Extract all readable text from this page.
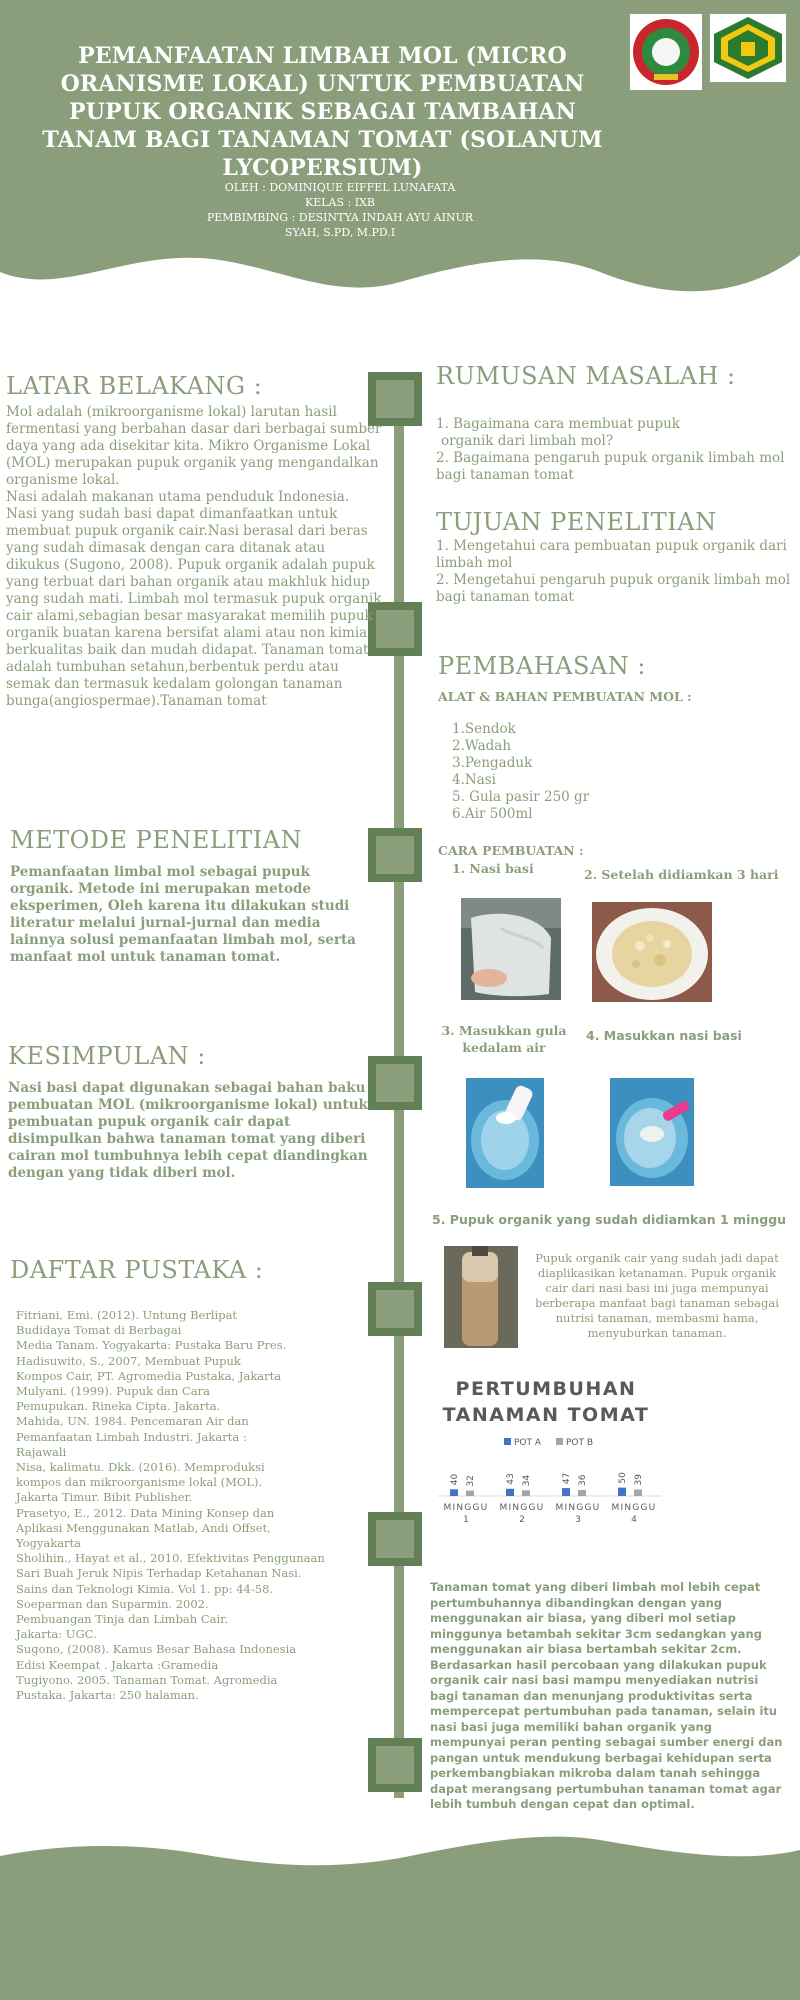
PEMANFAATAN LIMBAH MOL (MICRO ORANISME LOKAL) UNTUK PEMBUATAN PUPUK ORGANIK SEBAGAI TAMBAHAN TANAM BAGI TANAMAN TOMAT (SOLANUM LYCOPERSIUM)
OLEH : DOMINIQUE EIFFEL LUNAFATA
KELAS : IXB
PEMBIMBING : DESINTYA INDAH AYU AINUR SYAH, S.PD, M.PD.I
LATAR BELAKANG :
Mol adalah (mikroorganisme lokal) larutan hasil fermentasi yang berbahan dasar dari berbagai sumber daya yang ada disekitar kita. Mikro Organisme Lokal (MOL) merupakan pupuk organik yang mengandalkan organisme lokal.
Nasi adalah makanan utama penduduk Indonesia. Nasi yang sudah basi dapat dimanfaatkan untuk membuat pupuk organik cair.Nasi berasal dari beras yang sudah dimasak dengan cara ditanak atau dikukus (Sugono, 2008). Pupuk organik adalah pupuk yang terbuat dari bahan organik atau makhluk hidup yang sudah mati. Limbah mol termasuk pupuk organik cair alami,sebagian besar masyarakat memilih pupuk organik buatan karena bersifat alami atau non kimia berkualitas baik dan mudah didapat. Tanaman tomat adalah tumbuhan setahun,berbentuk perdu atau semak dan termasuk kedalam golongan tanaman bunga(angiospermae).Tanaman tomat
METODE PENELITIAN
Pemanfaatan limbal mol sebagai pupuk organik. Metode ini merupakan metode eksperimen, Oleh karena itu dilakukan studi literatur melalui jurnal-jurnal dan media lainnya solusi pemanfaatan limbah mol, serta manfaat mol untuk tanaman tomat.
KESIMPULAN :
Nasi basi dapat digunakan sebagai bahan baku pembuatan MOL (mikroorganisme lokal) untuk pembuatan pupuk organik cair dapat disimpulkan bahwa tanaman tomat yang diberi cairan mol tumbuhnya lebih cepat diandingkan dengan yang tidak diberi mol.
DAFTAR PUSTAKA :
Fitriani, Emi. (2012). Untung Berlipat
Budidaya Tomat di Berbagai
Media Tanam. Yogyakarta: Pustaka Baru Pres.
Hadisuwito, S., 2007, Membuat Pupuk
Kompos Cair, PT. Agromedia Pustaka, Jakarta
Mulyani. (1999). Pupuk dan Cara
Pemupukan. Rineka Cipta. Jakarta.
Mahida, UN. 1984. Pencemaran Air dan
Pemanfaatan Limbah Industri. Jakarta :
Rajawali
Nisa, kalimatu. Dkk. (2016). Memproduksi
kompos dan mikroorganisme lokal (MOL).
Jakarta Timur. Bibit Publisher.
Prasetyo, E., 2012. Data Mining Konsep dan
Aplikasi Menggunakan Matlab, Andi Offset,
Yogyakarta
Sholihin., Hayat et al., 2010. Efektivitas Penggunaan
Sari Buah Jeruk Nipis Terhadap Ketahanan Nasi.
Sains dan Teknologi Kimia. Vol 1. pp: 44-58.
Soeparman dan Suparmin. 2002.
Pembuangan Tinja dan Limbah Cair.
Jakarta: UGC.
Sugono, (2008). Kamus Besar Bahasa Indonesia
Edisi Keempat . Jakarta :Gramedia
Tugiyono. 2005. Tanaman Tomat. Agromedia
Pustaka. Jakarta: 250 halaman.
RUMUSAN MASALAH :
1. Bagaimana cara membuat pupuk
organik dari limbah mol?
2. Bagaimana pengaruh pupuk organik limbah mol bagi tanaman tomat
TUJUAN PENELITIAN
1. Mengetahui cara pembuatan pupuk organik dari limbah mol
2. Mengetahui pengaruh pupuk organik limbah mol bagi tanaman tomat
PEMBAHASAN :
ALAT & BAHAN PEMBUATAN MOL :
1.Sendok
2.Wadah
3.Pengaduk
4.Nasi
5. Gula pasir 250 gr
6.Air 500ml
CARA PEMBUATAN :
1. Nasi basi	2. Setelah didiamkan 3 hari
3. Masukkan gula kedalam air
4. Masukkan nasi basi
5. Pupuk organik yang sudah didiamkan 1 minggu
Pupuk organik cair yang sudah jadi dapat diaplikasikan ketanaman. Pupuk organik cair dari nasi basi ini juga mempunyai berberapa manfaat bagi tanaman sebagai nutrisi tanaman, membasmi hama, menyuburkan tanaman.
PERTUMBUHAN TANAMAN TOMAT
POT A	POT B
40 32
MINGGU
1
43 34
MINGGU
2
47 36
MINGGU
3
50 39
MINGGU
4
Tanaman tomat yang diberi limbah mol lebih cepat pertumbuhannya dibandingkan dengan yang menggunakan air biasa, yang diberi mol setiap minggunya betambah sekitar 3cm sedangkan yang menggunakan air biasa bertambah sekitar 2cm. Berdasarkan hasil percobaan yang dilakukan pupuk organik cair nasi basi mampu menyediakan nutrisi bagi tanaman dan menunjang produktivitas serta mempercepat pertumbuhan pada tanaman, selain itu nasi basi juga memiliki bahan organik yang mempunyai peran penting sebagai sumber energi dan pangan untuk mendukung berbagai kehidupan serta perkembangbiakan mikroba dalam tanah sehingga dapat merangsang pertumbuhan tanaman tomat agar lebih tumbuh dengan cepat dan optimal.
